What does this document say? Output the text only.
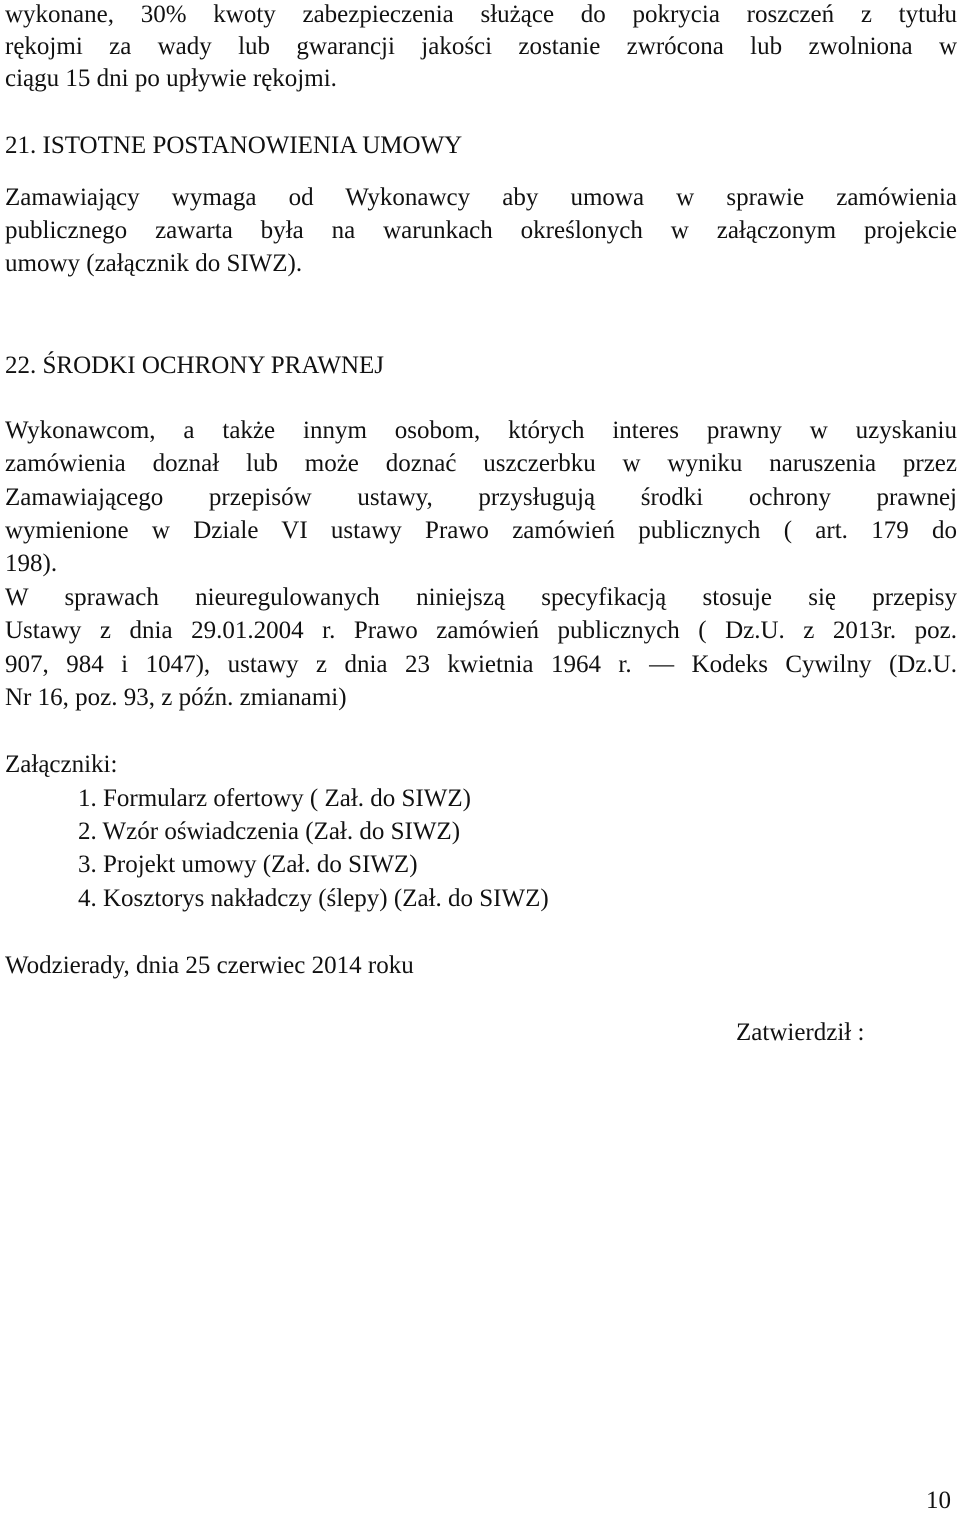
wykonane, 30% kwoty zabezpieczenia służące do pokrycia roszczeń z tytułu
rękojmi za wady lub gwarancji jakości zostanie zwrócona lub zwolniona w
ciągu 15 dni po upływie rękojmi.
21. ISTOTNE POSTANOWIENIA UMOWY
Zamawiający wymaga od Wykonawcy aby umowa w sprawie zamówienia
publicznego zawarta była na warunkach określonych w załączonym projekcie
umowy (załącznik do SIWZ).
22. ŚRODKI OCHRONY PRAWNEJ
Wykonawcom, a także innym osobom, których interes prawny w uzyskaniu
zamówienia doznał lub może doznać uszczerbku w wyniku naruszenia przez
Zamawiającego przepisów ustawy, przysługują środki ochrony prawnej
wymienione w Dziale VI ustawy Prawo zamówień publicznych ( art. 179 do
198).
W sprawach nieuregulowanych niniejszą specyfikacją stosuje się przepisy
Ustawy z dnia 29.01.2004 r. Prawo zamówień publicznych ( Dz.U. z 2013r. poz.
907, 984 i 1047), ustawy z dnia 23 kwietnia 1964 r. — Kodeks Cywilny (Dz.U.
Nr 16, poz. 93, z późn. zmianami)
Załączniki:
1. Formularz ofertowy ( Zał. do SIWZ)
2. Wzór oświadczenia (Zał. do SIWZ)
3. Projekt umowy (Zał. do SIWZ)
4. Kosztorys nakładczy (ślepy) (Zał. do SIWZ)
Wodzierady, dnia 25 czerwiec 2014 roku
Zatwierdził :
10
